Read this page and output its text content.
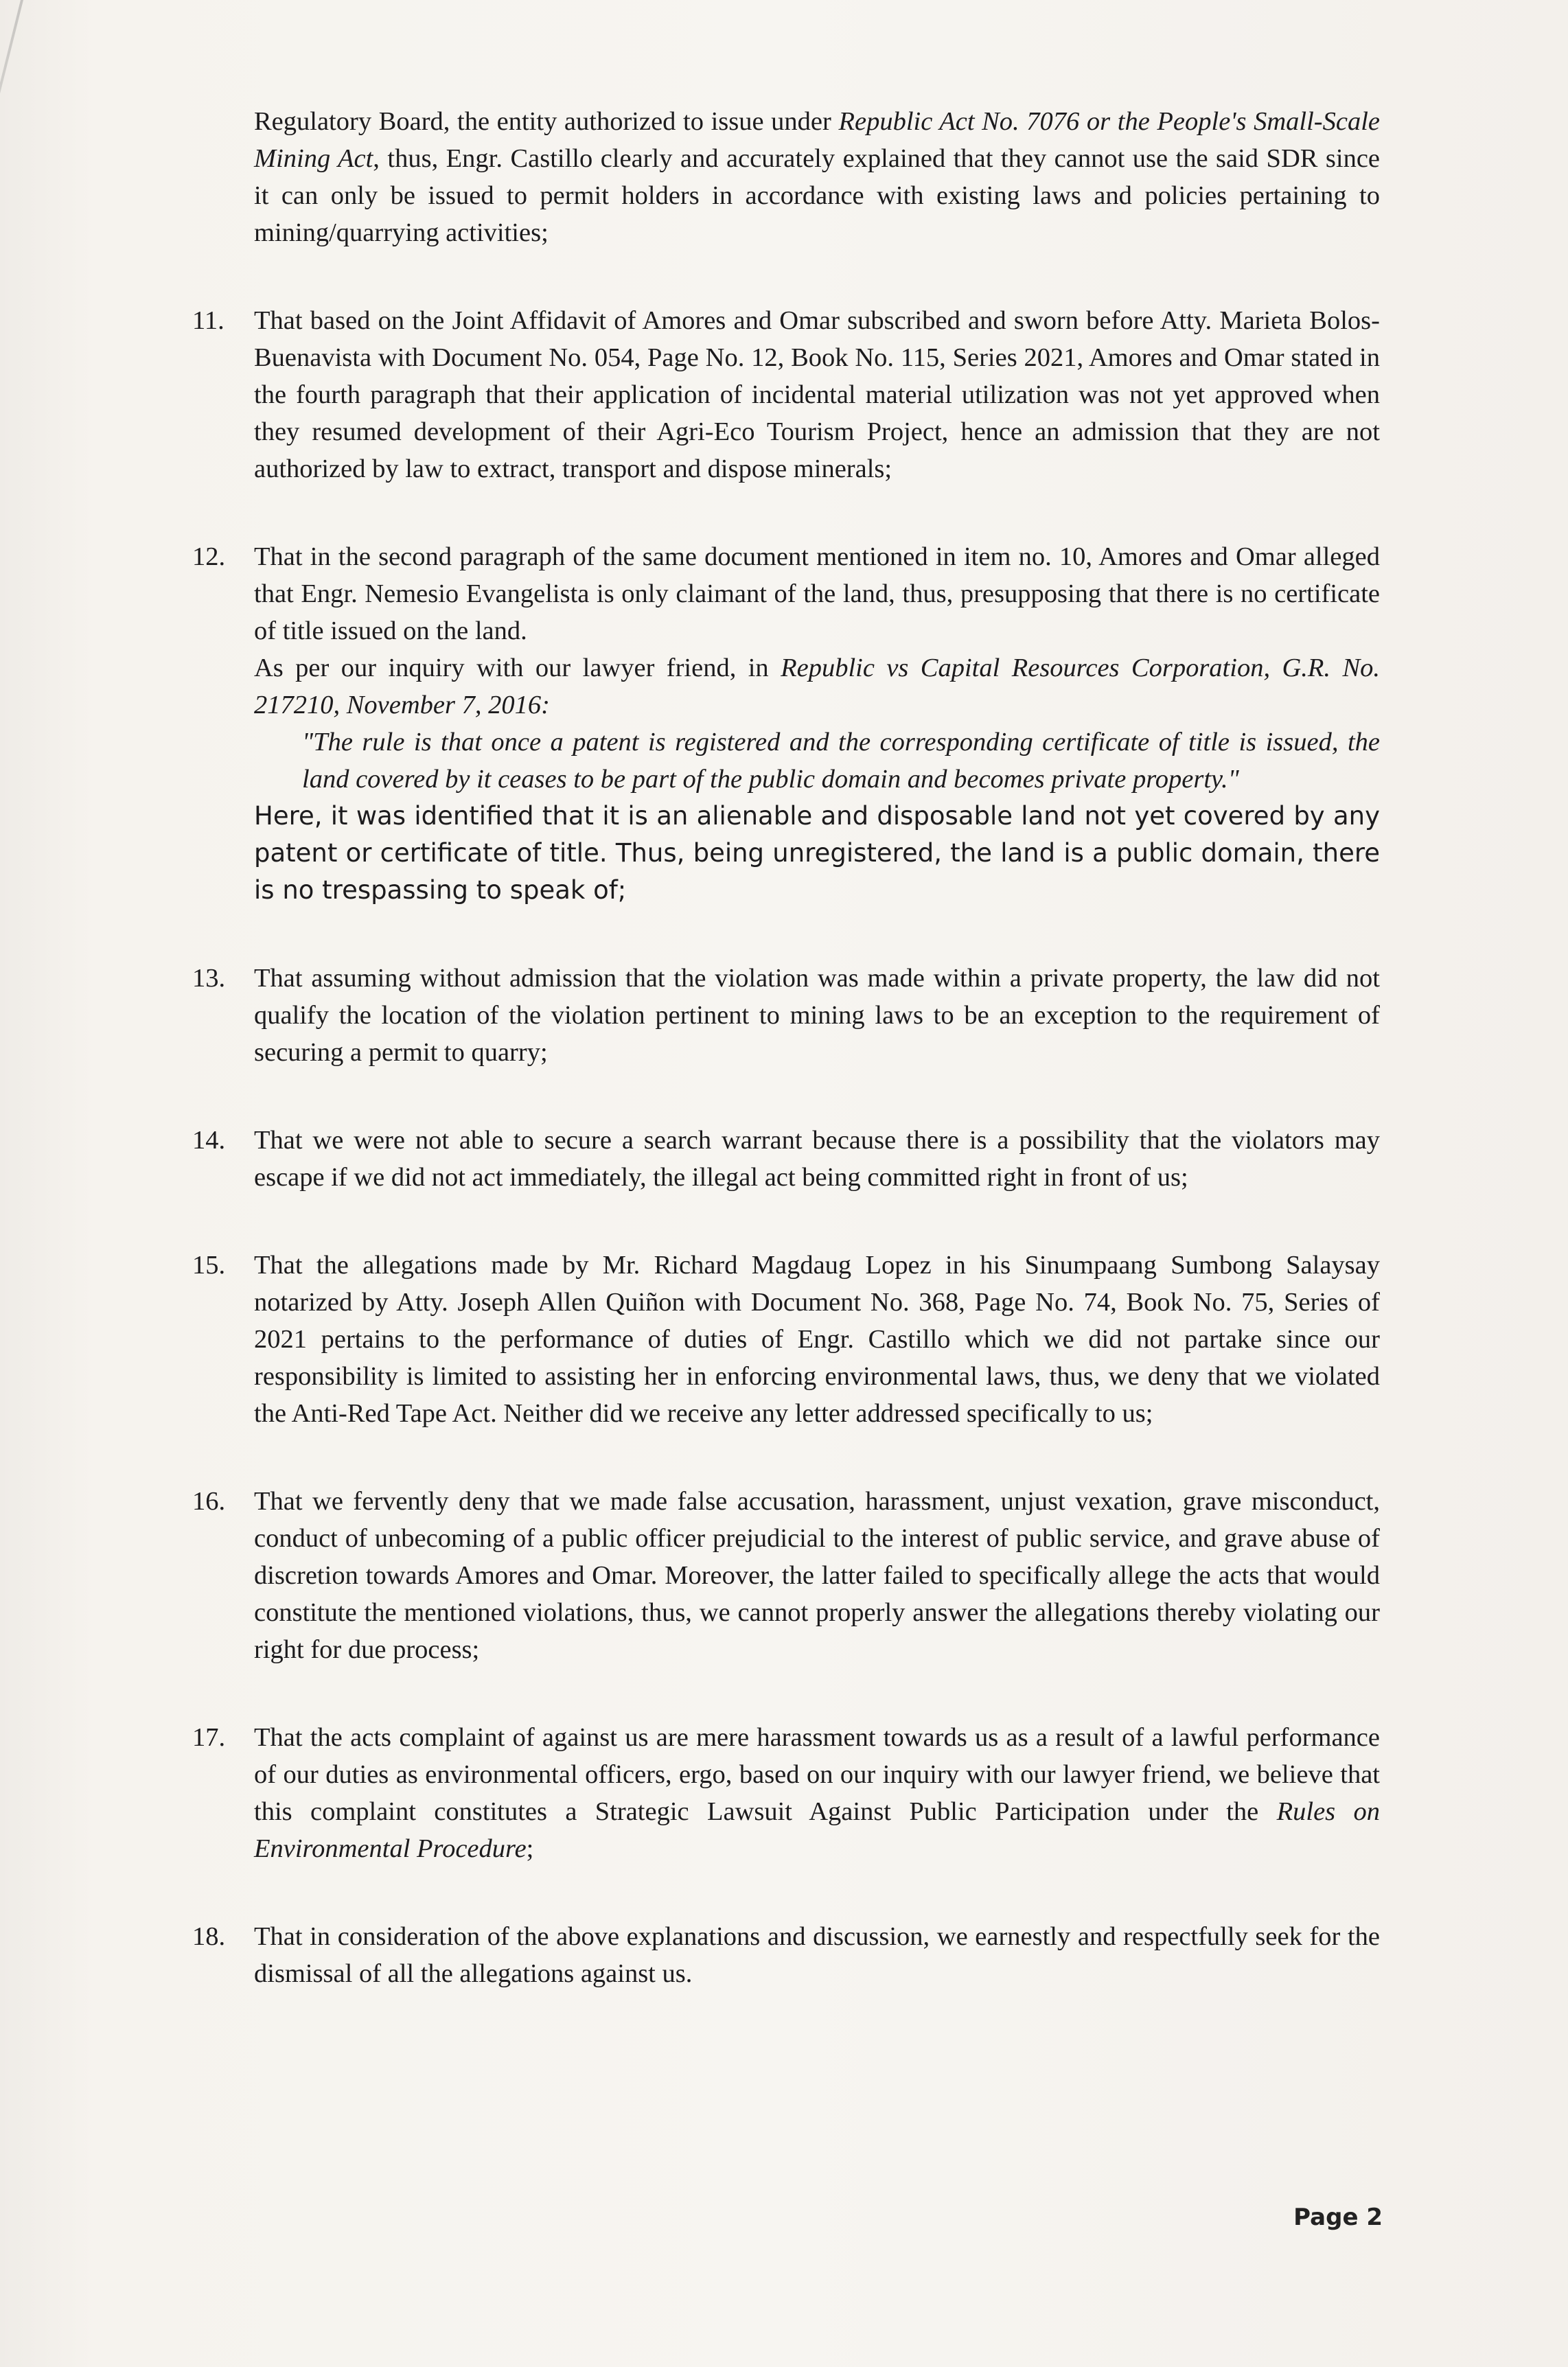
Regulatory Board, the entity authorized to issue under Republic Act No. 7076 or the People's Small-Scale Mining Act, thus, Engr. Castillo clearly and accurately explained that they cannot use the said SDR since it can only be issued to permit holders in accordance with existing laws and policies pertaining to mining/quarrying activities;

11.	That based on the Joint Affidavit of Amores and Omar subscribed and sworn before Atty. Marieta Bolos-Buenavista with Document No. 054, Page No. 12, Book No. 115, Series 2021, Amores and Omar stated in the fourth paragraph that their application of incidental material utilization was not yet approved when they resumed development of their Agri-Eco Tourism Project, hence an admission that they are not authorized by law to extract, transport and dispose minerals;

12.	That in the second paragraph of the same document mentioned in item no. 10, Amores and Omar alleged that Engr. Nemesio Evangelista is only claimant of the land, thus, presupposing that there is no certificate of title issued on the land.

As per our inquiry with our lawyer friend, in Republic vs Capital Resources Corporation, G.R. No. 217210, November 7, 2016:

"The rule is that once a patent is registered and the corresponding certificate of title is issued, the land covered by it ceases to be part of the public domain and becomes private property."

Here, it was identified that it is an alienable and disposable land not yet covered by any patent or certificate of title. Thus, being unregistered, the land is a public domain, there is no trespassing to speak of;

13.	That assuming without admission that the violation was made within a private property, the law did not qualify the location of the violation pertinent to mining laws to be an exception to the requirement of securing a permit to quarry;

14.	That we were not able to secure a search warrant because there is a possibility that the violators may escape if we did not act immediately, the illegal act being committed right in front of us;

15.	That the allegations made by Mr. Richard Magdaug Lopez in his Sinumpaang Sumbong Salaysay notarized by Atty. Joseph Allen Quiñon with Document No. 368, Page No. 74, Book No. 75, Series of 2021 pertains to the performance of duties of Engr. Castillo which we did not partake since our responsibility is limited to assisting her in enforcing environmental laws, thus, we deny that we violated the Anti-Red Tape Act. Neither did we receive any letter addressed specifically to us;

16.	That we fervently deny that we made false accusation, harassment, unjust vexation, grave misconduct, conduct of unbecoming of a public officer prejudicial to the interest of public service, and grave abuse of discretion towards Amores and Omar. Moreover, the latter failed to specifically allege the acts that would constitute the mentioned violations, thus, we cannot properly answer the allegations thereby violating our right for due process;

17.	That the acts complaint of against us are mere harassment towards us as a result of a lawful performance of our duties as environmental officers, ergo, based on our inquiry with our lawyer friend, we believe that this complaint constitutes a Strategic Lawsuit Against Public Participation under the Rules on Environmental Procedure;

18.	That in consideration of the above explanations and discussion, we earnestly and respectfully seek for the dismissal of all the allegations against us.

Page 2
